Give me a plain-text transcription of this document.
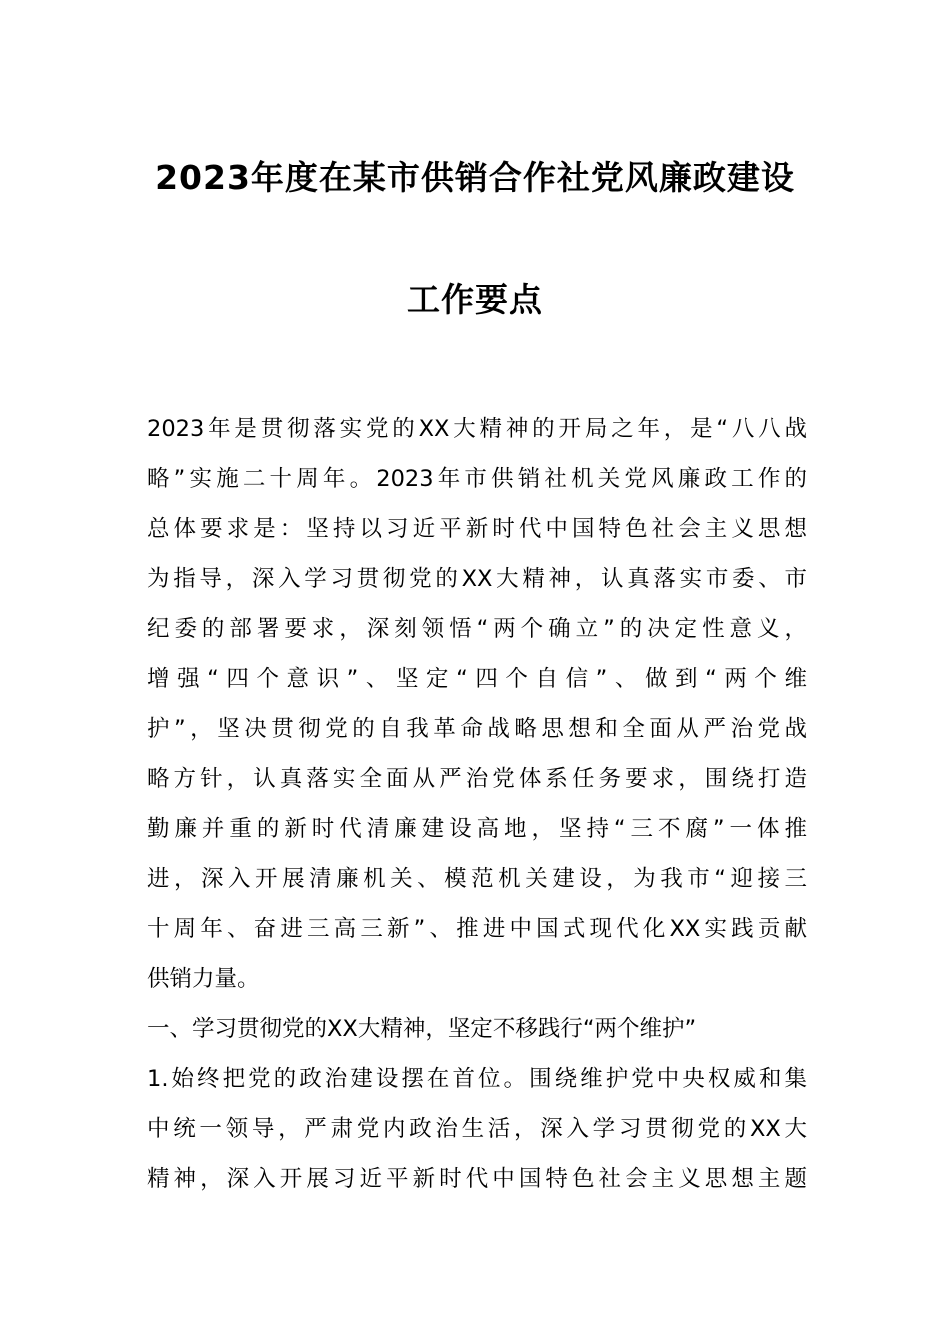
2023年度在某市供销合作社党风廉政建设
工作要点
2023年是贯彻落实党的XX大精神的开局之年，是“八八战
略”实施二十周年。2023年市供销社机关党风廉政工作的
总体要求是：坚持以习近平新时代中国特色社会主义思想
为指导，深入学习贯彻党的XX大精神，认真落实市委、市
纪委的部署要求，深刻领悟“两个确立”的决定性意义，
增强“四个意识”、坚定“四个自信”、做到“两个维
护”，坚决贯彻党的自我革命战略思想和全面从严治党战
略方针，认真落实全面从严治党体系任务要求，围绕打造
勤廉并重的新时代清廉建设高地，坚持“三不腐”一体推
进，深入开展清廉机关、模范机关建设，为我市“迎接三
十周年、奋进三高三新”、推进中国式现代化XX实践贡献
供销力量。
一、学习贯彻党的XX大精神，坚定不移践行“两个维护”
1.始终把党的政治建设摆在首位。围绕维护党中央权威和集
中统一领导，严肃党内政治生活，深入学习贯彻党的XX大
精神，深入开展习近平新时代中国特色社会主义思想主题
